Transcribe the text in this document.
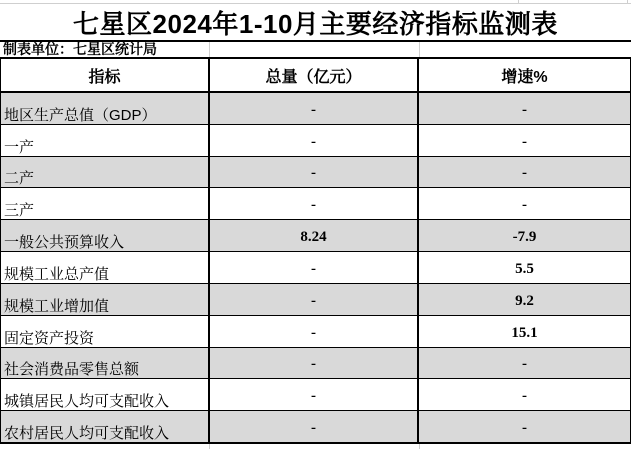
七星区2024年1-10月主要经济指标监测表
制表单位：七星区统计局
指标	总量（亿元）	增速%
地区生产总值（GDP）	-	-
一产	-	-
二产	-	-
三产	-	-
一般公共预算收入	8.24	-7.9
规模工业总产值	-	5.5
规模工业增加值	-	9.2
固定资产投资	-	15.1
社会消费品零售总额	-	-
城镇居民人均可支配收入	-	-
农村居民人均可支配收入	-	-
